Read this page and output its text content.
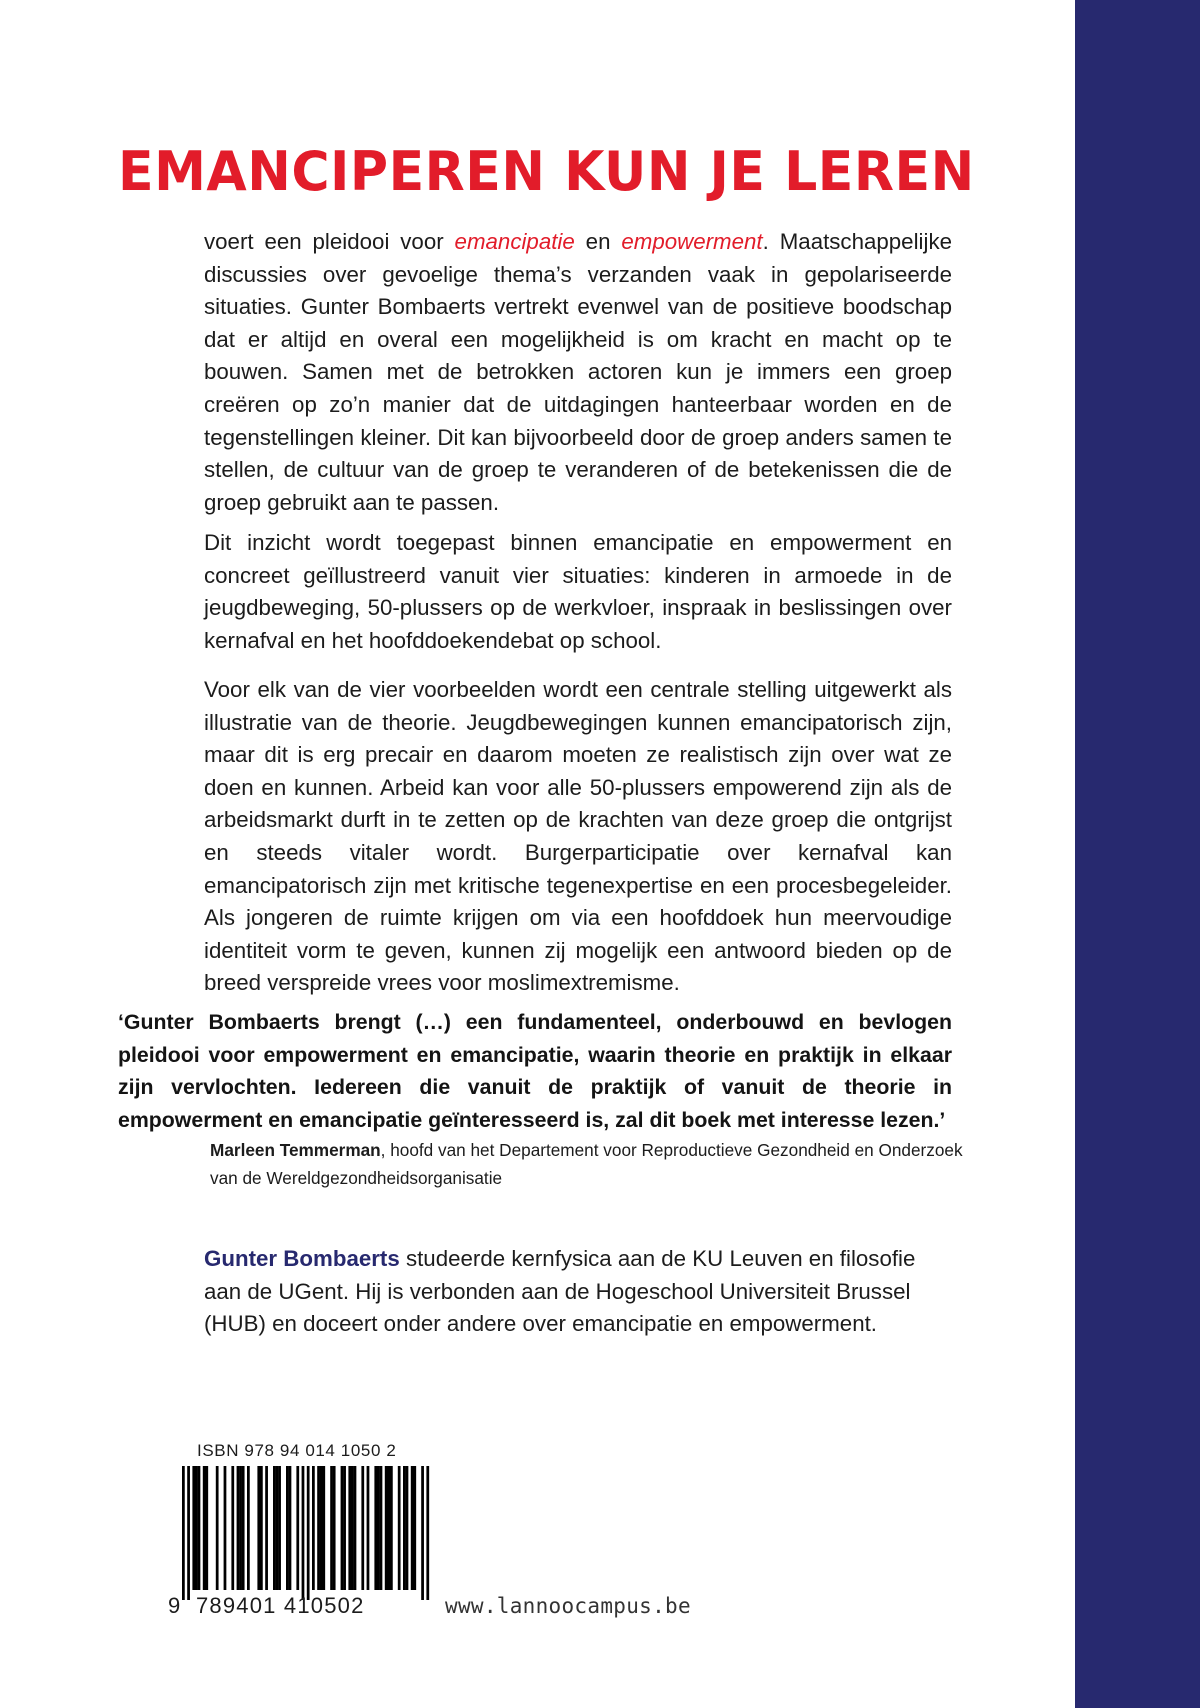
EMANCIPEREN KUN JE LEREN

voert een pleidooi voor emancipatie en empowerment. Maatschappelijke discussies over gevoelige thema’s verzanden vaak in gepolariseerde situaties. Gunter Bombaerts vertrekt evenwel van de positieve boodschap dat er altijd en overal een mogelijkheid is om kracht en macht op te bouwen. Samen met de betrokken actoren kun je immers een groep creëren op zo’n manier dat de uitdagingen hanteerbaar worden en de tegenstellingen kleiner. Dit kan bijvoorbeeld door de groep anders samen te stellen, de cultuur van de groep te veranderen of de betekenissen die de groep gebruikt aan te passen.

Dit inzicht wordt toegepast binnen emancipatie en empowerment en concreet geïllustreerd vanuit vier situaties: kinderen in armoede in de jeugdbeweging, 50-plussers op de werkvloer, inspraak in beslissingen over kernafval en het hoofddoekendebat op school.

Voor elk van de vier voorbeelden wordt een centrale stelling uitgewerkt als illustratie van de theorie. Jeugdbewegingen kunnen emancipatorisch zijn, maar dit is erg precair en daarom moeten ze realistisch zijn over wat ze doen en kunnen. Arbeid kan voor alle 50-plussers empowerend zijn als de arbeidsmarkt durft in te zetten op de krachten van deze groep die ontgrijst en steeds vitaler wordt. Burgerparticipatie over kernafval kan emancipatorisch zijn met kritische tegenexpertise en een procesbegeleider. Als jongeren de ruimte krijgen om via een hoofddoek hun meervoudige identiteit vorm te geven, kunnen zij mogelijk een antwoord bieden op de breed verspreide vrees voor moslimextremisme.

‘Gunter Bombaerts brengt (…) een fundamenteel, onderbouwd en bevlogen pleidooi voor empowerment en emancipatie, waarin theorie en praktijk in elkaar zijn vervlochten. Iedereen die vanuit de praktijk of vanuit de theorie in empowerment en emancipatie geïnteresseerd is, zal dit boek met interesse lezen.’

Marleen Temmerman, hoofd van het Departement voor Reproductieve Gezondheid en Onderzoek van de Wereldgezondheidsorganisatie

Gunter Bombaerts studeerde kernfysica aan de KU Leuven en filosofie aan de UGent. Hij is verbonden aan de Hogeschool Universiteit Brussel (HUB) en doceert onder andere over emancipatie en empowerment.

ISBN 978 94 014 1050 2
9 789401 410502	www.lannoocampus.be
